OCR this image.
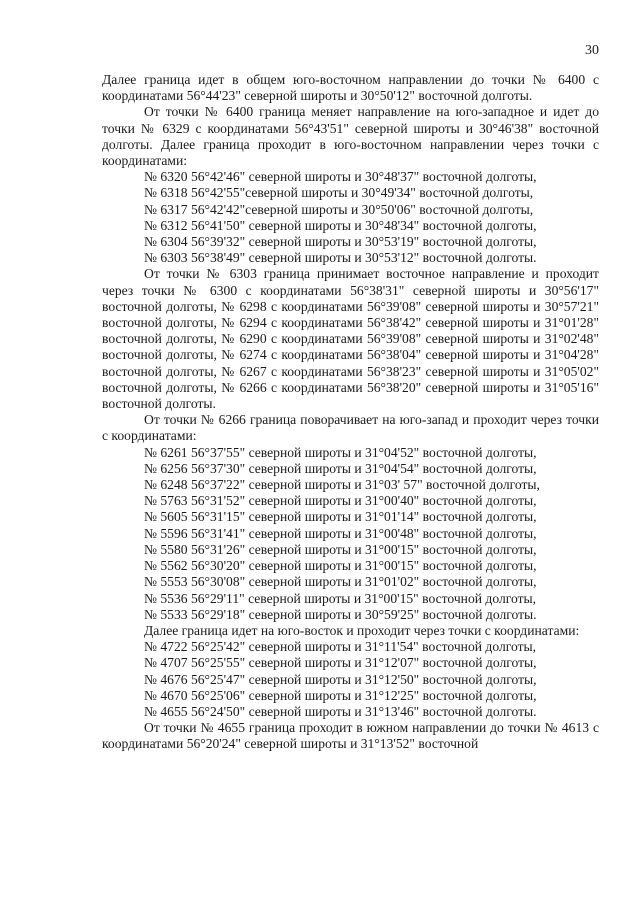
30

Далее граница идет в общем юго-восточном направлении до точки № 6400 с координатами 56°44'23" северной широты и 30°50'12" восточной долготы.

От точки № 6400 граница меняет направление на юго-западное и идет до точки № 6329 с координатами 56°43'51" северной широты и 30°46'38" восточной долготы. Далее граница проходит в юго-восточном направлении через точки с координатами:

№ 6320 56°42'46" северной широты и 30°48'37" восточной долготы,
№ 6318 56°42'55"северной широты и 30°49'34" восточной долготы,
№ 6317 56°42'42"северной широты и 30°50'06" восточной долготы,
№ 6312 56°41'50" северной широты и 30°48'34" восточной долготы,
№ 6304 56°39'32" северной широты и 30°53'19" восточной долготы,
№ 6303 56°38'49" северной широты и 30°53'12" восточной долготы.

От точки № 6303 граница принимает восточное направление и проходит через точки № 6300 с координатами 56°38'31" северной широты и 30°56'17" восточной долготы, № 6298 с координатами 56°39'08" северной широты и 30°57'21" восточной долготы, № 6294 с координатами 56°38'42" северной широты и 31°01'28" восточной долготы, № 6290 с координатами 56°39'08" северной широты и 31°02'48" восточной долготы, № 6274 с координатами 56°38'04" северной широты и 31°04'28" восточной долготы, № 6267 с координатами 56°38'23" северной широты и 31°05'02" восточной долготы, № 6266 с координатами 56°38'20" северной широты и 31°05'16" восточной долготы.

От точки № 6266 граница поворачивает на юго-запад и проходит через точки с координатами:

№ 6261 56°37'55" северной широты и 31°04'52" восточной долготы,
№ 6256 56°37'30" северной широты и 31°04'54" восточной долготы,
№ 6248 56°37'22" северной широты и 31°03' 57" восточной долготы,
№ 5763 56°31'52" северной широты и 31°00'40" восточной долготы,
№ 5605 56°31'15" северной широты и 31°01'14" восточной долготы,
№ 5596 56°31'41" северной широты и 31°00'48" восточной долготы,
№ 5580 56°31'26" северной широты и 31°00'15" восточной долготы,
№ 5562 56°30'20" северной широты и 31°00'15" восточной долготы,
№ 5553 56°30'08" северной широты и 31°01'02" восточной долготы,
№ 5536 56°29'11" северной широты и 31°00'15" восточной долготы,
№ 5533 56°29'18" северной широты и 30°59'25" восточной долготы.

Далее граница идет на юго-восток и проходит через точки с координатами:

№ 4722 56°25'42" северной широты и 31°11'54" восточной долготы,
№ 4707 56°25'55" северной широты и 31°12'07" восточной долготы,
№ 4676 56°25'47" северной широты и 31°12'50" восточной долготы,
№ 4670 56°25'06" северной широты и 31°12'25" восточной долготы,
№ 4655 56°24'50" северной широты и 31°13'46" восточной долготы.

От точки № 4655 граница проходит в южном направлении до точки № 4613 с координатами 56°20'24" северной широты и 31°13'52" восточной
